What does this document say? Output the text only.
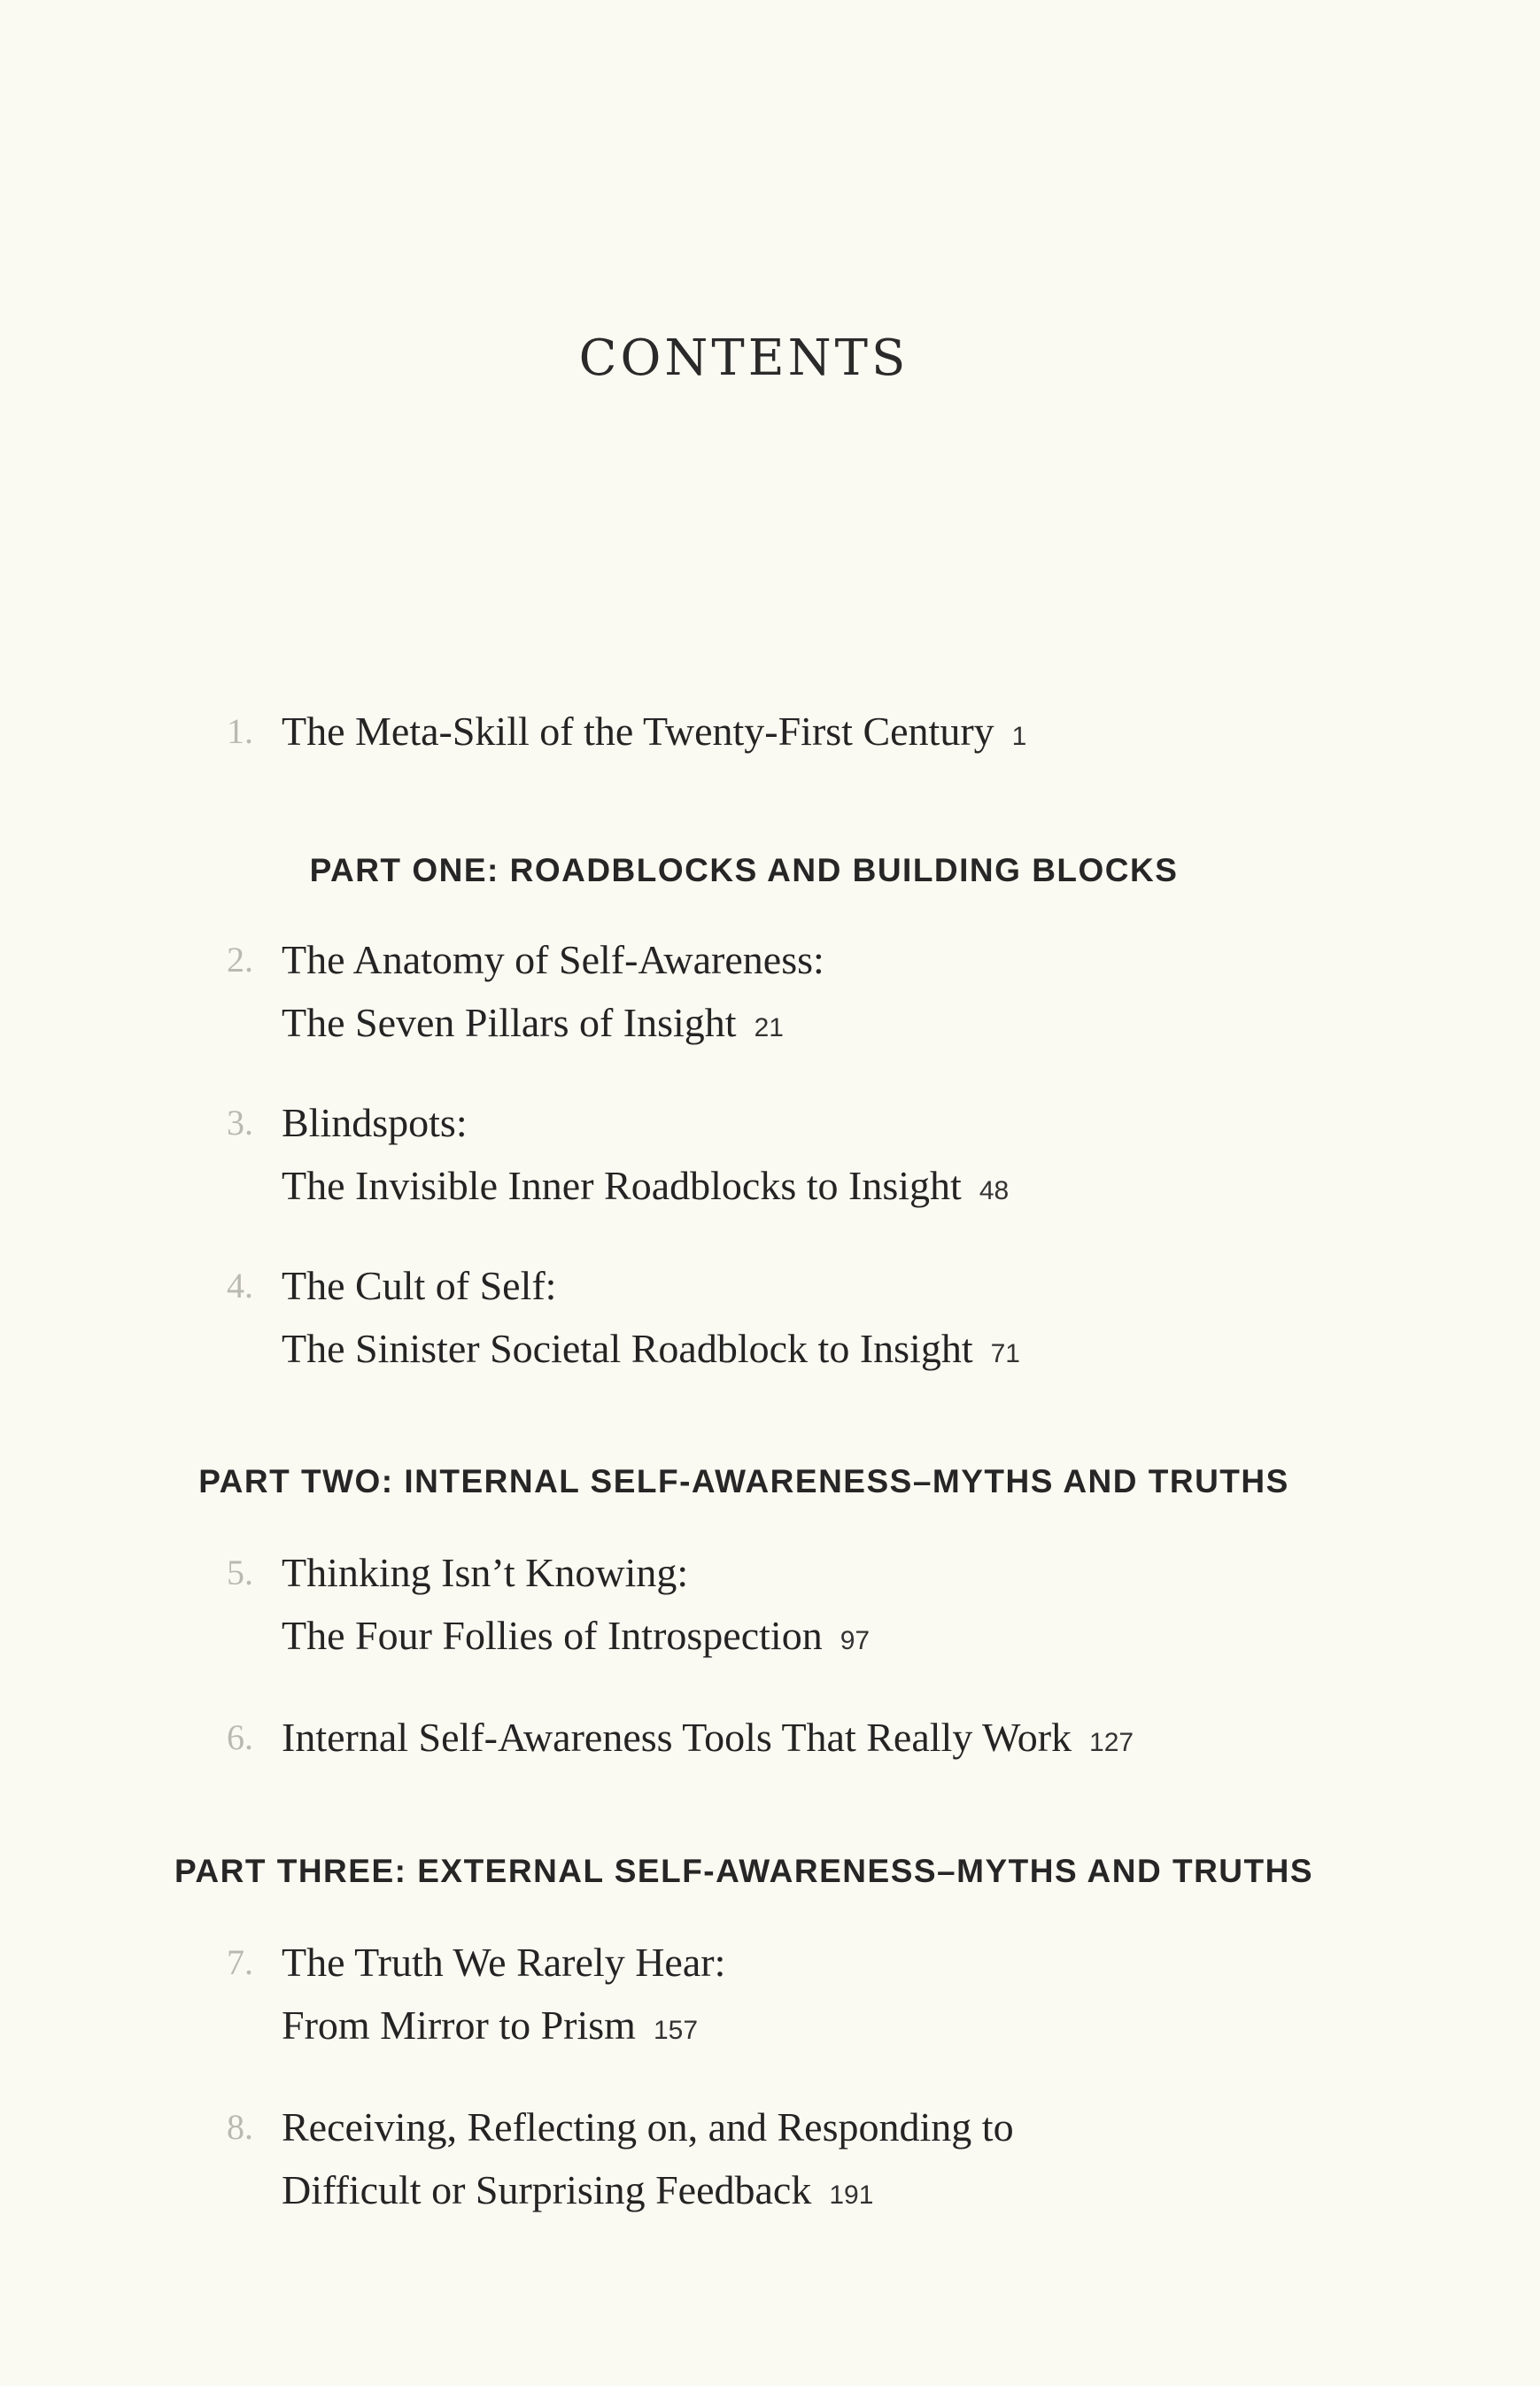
CONTENTS
1. The Meta-Skill of the Twenty-First Century 1
PART ONE: ROADBLOCKS AND BUILDING BLOCKS
2. The Anatomy of Self-Awareness:
The Seven Pillars of Insight 21
3. Blindspots:
The Invisible Inner Roadblocks to Insight 48
4. The Cult of Self:
The Sinister Societal Roadblock to Insight 71
PART TWO: INTERNAL SELF-AWARENESS–MYTHS AND TRUTHS
5. Thinking Isn’t Knowing:
The Four Follies of Introspection 97
6. Internal Self-Awareness Tools That Really Work 127
PART THREE: EXTERNAL SELF-AWARENESS–MYTHS AND TRUTHS
7. The Truth We Rarely Hear:
From Mirror to Prism 157
8. Receiving, Reflecting on, and Responding to
Difficult or Surprising Feedback 191
